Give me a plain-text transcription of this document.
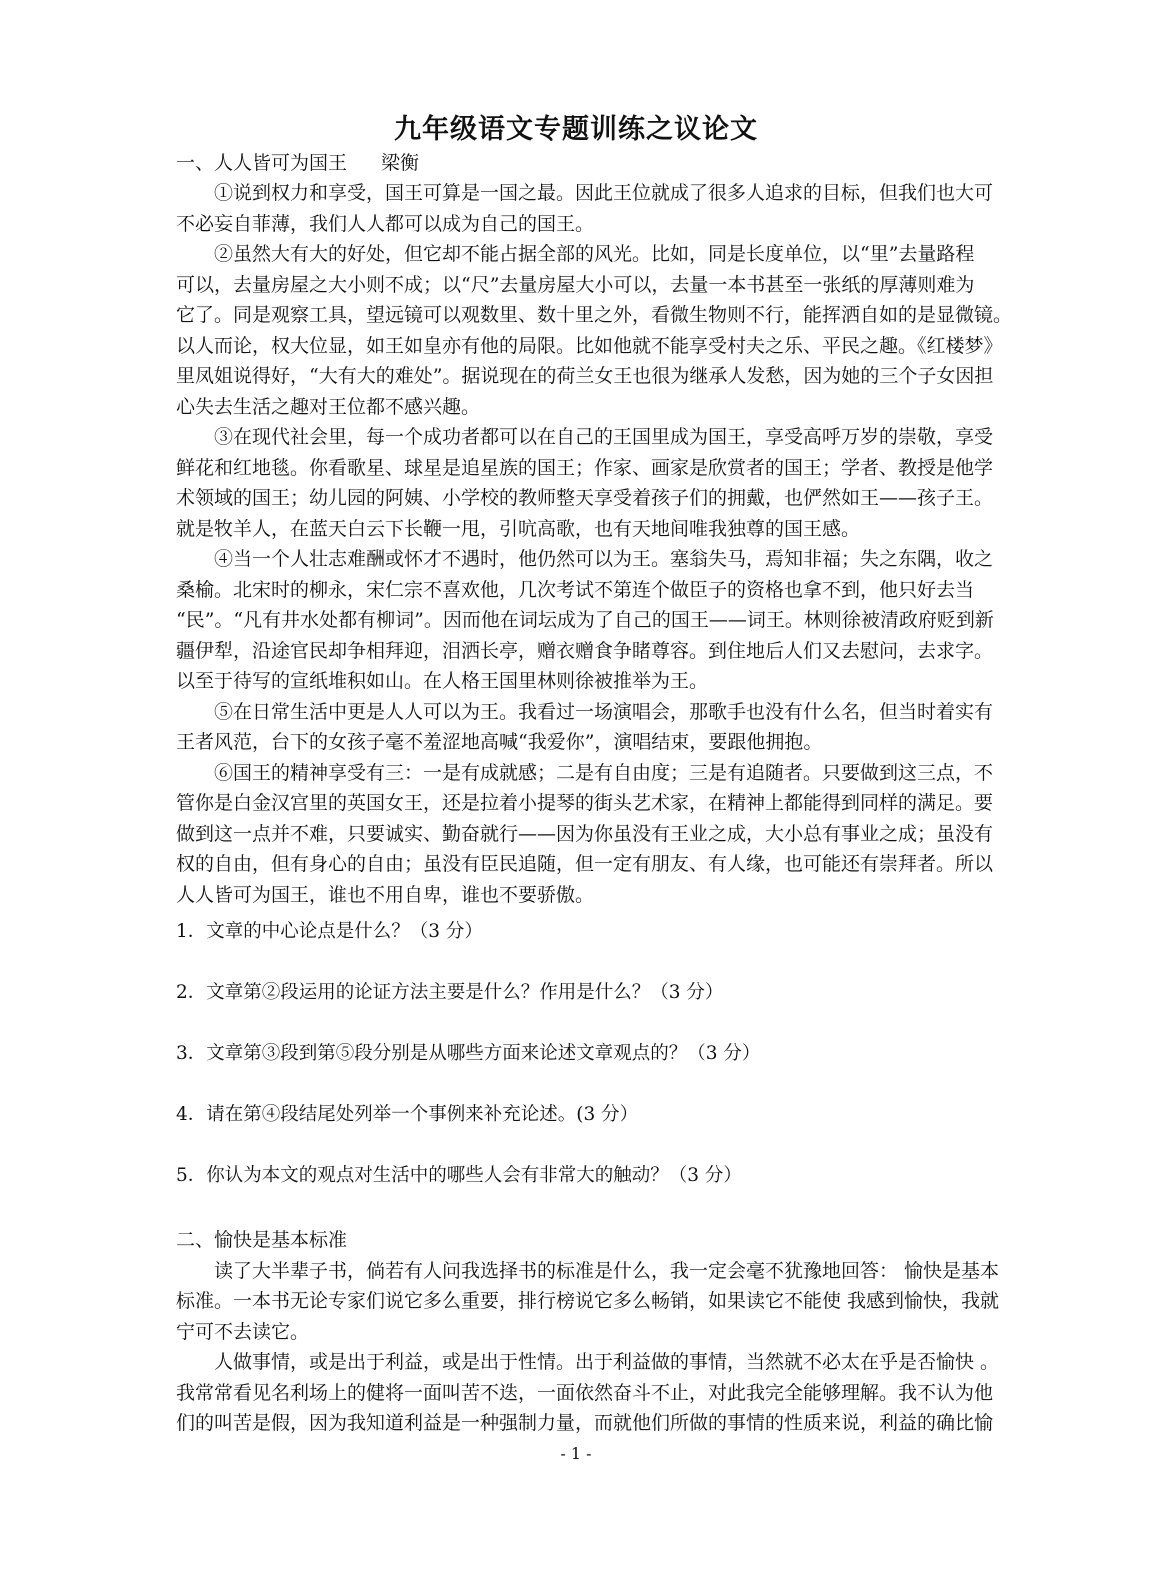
九年级语文专题训练之议论文
一、人人皆可为国王 梁衡
　　①说到权力和享受，国王可算是一国之最。因此王位就成了很多人追求的目标，但我们也大可
不必妄自菲薄，我们人人都可以成为自己的国王。
　　②虽然大有大的好处，但它却不能占据全部的风光。比如，同是长度单位，以“里”去量路程
可以，去量房屋之大小则不成；以“尺”去量房屋大小可以，去量一本书甚至一张纸的厚薄则难为
它了。同是观察工具，望远镜可以观数里、数十里之外，看微生物则不行，能挥洒自如的是显微镜。
以人而论，权大位显，如王如皇亦有他的局限。比如他就不能享受村夫之乐、平民之趣。《红楼梦》
里凤姐说得好，“大有大的难处”。据说现在的荷兰女王也很为继承人发愁，因为她的三个子女因担
心失去生活之趣对王位都不感兴趣。
　　③在现代社会里，每一个成功者都可以在自己的王国里成为国王，享受高呼万岁的崇敬，享受
鲜花和红地毯。你看歌星、球星是追星族的国王；作家、画家是欣赏者的国王；学者、教授是他学
术领域的国王；幼儿园的阿姨、小学校的教师整天享受着孩子们的拥戴，也俨然如王——孩子王。
就是牧羊人，在蓝天白云下长鞭一甩，引吭高歌，也有天地间唯我独尊的国王感。
　　④当一个人壮志难酬或怀才不遇时，他仍然可以为王。塞翁失马，焉知非福；失之东隅，收之
桑榆。北宋时的柳永，宋仁宗不喜欢他，几次考试不第连个做臣子的资格也拿不到，他只好去当
“民”。“凡有井水处都有柳词”。因而他在词坛成为了自己的国王——词王。林则徐被清政府贬到新
疆伊犁，沿途官民却争相拜迎，泪洒长亭，赠衣赠食争睹尊容。到住地后人们又去慰问，去求字。
以至于待写的宣纸堆积如山。在人格王国里林则徐被推举为王。
　　⑤在日常生活中更是人人可以为王。我看过一场演唱会，那歌手也没有什么名，但当时着实有
王者风范，台下的女孩子毫不羞涩地高喊“我爱你”，演唱结束，要跟他拥抱。
　　⑥国王的精神享受有三：一是有成就感；二是有自由度；三是有追随者。只要做到这三点，不
管你是白金汉宫里的英国女王，还是拉着小提琴的街头艺术家，在精神上都能得到同样的满足。要
做到这一点并不难，只要诚实、勤奋就行——因为你虽没有王业之成，大小总有事业之成；虽没有
权的自由，但有身心的自由；虽没有臣民追随，但一定有朋友、有人缘，也可能还有崇拜者。所以
人人皆可为国王，谁也不用自卑，谁也不要骄傲。
1．文章的中心论点是什么？（3 分）
2．文章第②段运用的论证方法主要是什么？作用是什么？（3 分）
3．文章第③段到第⑤段分别是从哪些方面来论述文章观点的？（3 分）
4．请在第④段结尾处列举一个事例来补充论述。(3 分）
5．你认为本文的观点对生活中的哪些人会有非常大的触动？（3 分）
二、愉快是基本标准
　　读了大半辈子书，倘若有人问我选择书的标准是什么，我一定会毫不犹豫地回答： 愉快是基本
标准。一本书无论专家们说它多么重要，排行榜说它多么畅销，如果读它不能使 我感到愉快，我就
宁可不去读它。
　　人做事情，或是出于利益，或是出于性情。出于利益做的事情，当然就不必太在乎是否愉快 。
我常常看见名利场上的健将一面叫苦不迭，一面依然奋斗不止，对此我完全能够理解。我不认为他
们的叫苦是假，因为我知道利益是一种强制力量，而就他们所做的事情的性质来说，利益的确比愉
- 1 -
